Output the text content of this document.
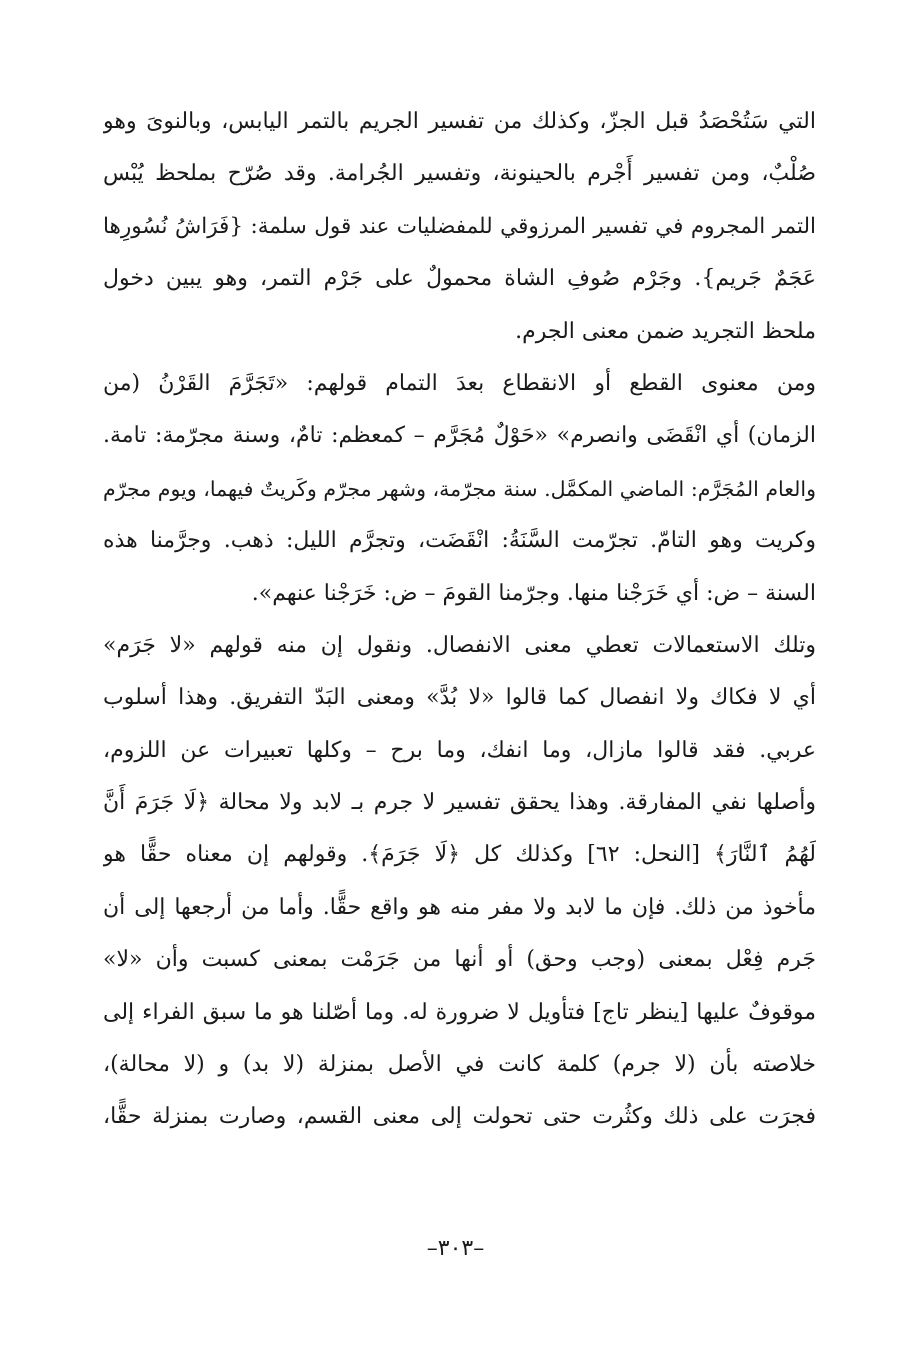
التي سَتُحْصَدُ قبل الجزّ، وكذلك من تفسير الجريم بالتمر اليابس، وبالنوىَ وهو
صُلْبٌ، ومن تفسير أَجْرم بالحينونة، وتفسير الجُرامة. وقد صُرّح بملحظ يُبْس
التمر المجروم في تفسير المرزوقي للمفضليات عند قول سلمة: {فَرَاشُ نُسُورِها
عَجَمٌ جَريم}. وجَرْم صُوفِ الشاة محمولٌ على جَرْم التمر، وهو يبين دخول
ملحظ التجريد ضمن معنى الجرم.
ومن معنوى القطع أو الانقطاع بعدَ التمام قولهم: «تَجَرَّمَ القَرْنُ (من
الزمان) أي انْقَضَى وانصرم» «حَوْلٌ مُجَرَّم – كمعظم: تامٌ، وسنة مجرّمة: تامة.
والعام المُجَرَّم: الماضي المكمَّل. سنة مجرّمة، وشهر مجرّم وكَريتٌ فيهما، ويوم مجرّم
وكريت وهو التامّ. تجرّمت السَّنَةُ: انْقَضَت، وتجرَّم الليل: ذهب. وجرَّمنا هذه
السنة – ض: أي خَرَجْنا منها. وجرّمنا القومَ – ض: خَرَجْنا عنهم».
وتلك الاستعمالات تعطي معنى الانفصال. ونقول إن منه قولهم «لا جَرَم»
أي لا فكاك ولا انفصال كما قالوا «لا بُدَّ» ومعنى البَدّ التفريق. وهذا أسلوب
عربي. فقد قالوا مازال، وما انفك، وما برح – وكلها تعبيرات عن اللزوم،
وأصلها نفي المفارقة. وهذا يحقق تفسير لا جرم بـ لابد ولا محالة ﴿لَا جَرَمَ أَنَّ
لَهُمُ ٱلنَّارَ﴾ [النحل: ٦٢] وكذلك كل ﴿لَا جَرَمَ﴾. وقولهم إن معناه حقًّا هو
مأخوذ من ذلك. فإن ما لابد ولا مفر منه هو واقع حقًّا. وأما من أرجعها إلى أن
جَرم فِعْل بمعنى (وجب وحق) أو أنها من جَرَمْت بمعنى كسبت وأن «لا»
موقوفٌ عليها [ينظر تاج] فتأويل لا ضرورة له. وما أصّلنا هو ما سبق الفراء إلى
خلاصته بأن (لا جرم) كلمة كانت في الأصل بمنزلة (لا بد) و (لا محالة)،
فجرَت على ذلك وكثُرت حتى تحولت إلى معنى القسم، وصارت بمنزلة حقًّا،
–٣٠٣–
